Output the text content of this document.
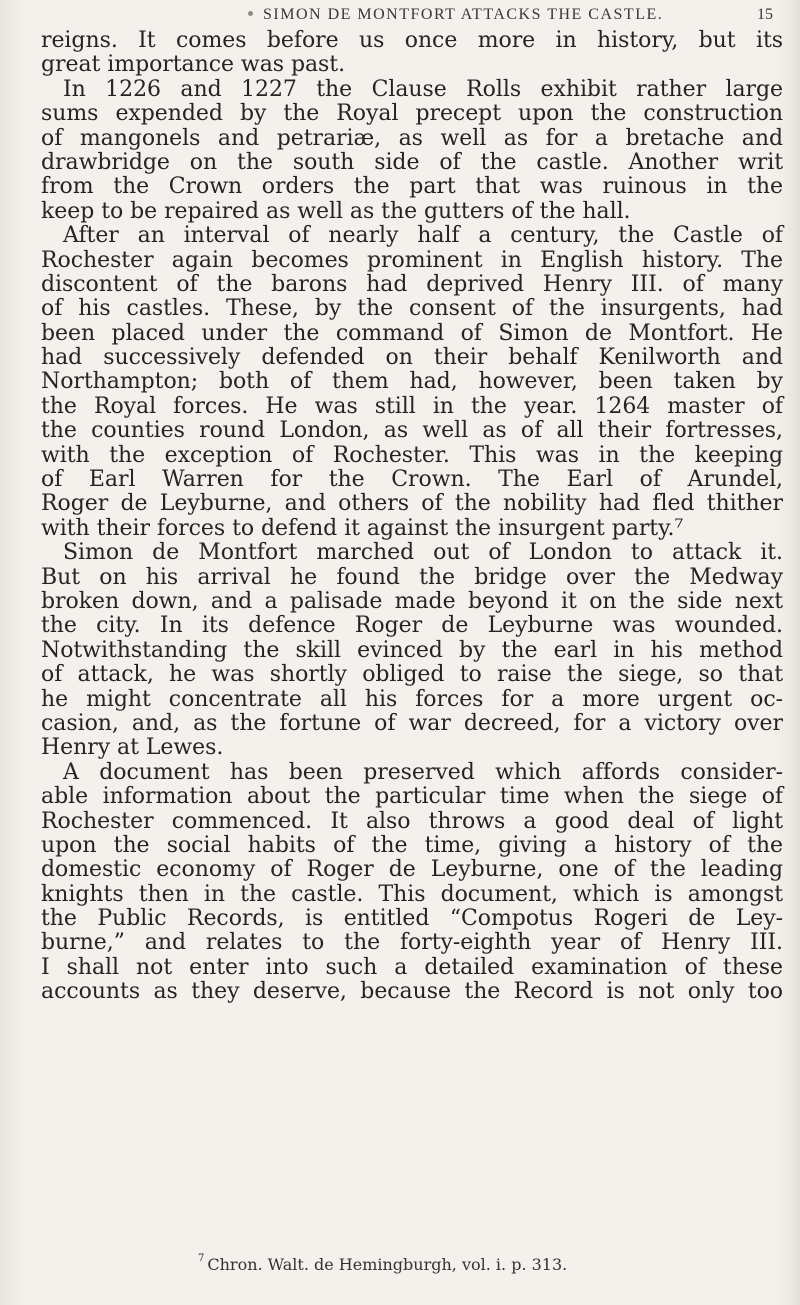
SIMON DE MONTFORT ATTACKS THE CASTLE.	15
reigns. It comes before us once more in history, but its
great importance was past.
In 1226 and 1227 the Clause Rolls exhibit rather large
sums expended by the Royal precept upon the construction
of mangonels and petrariæ, as well as for a bretache and
drawbridge on the south side of the castle. Another writ
from the Crown orders the part that was ruinous in the
keep to be repaired as well as the gutters of the hall.
After an interval of nearly half a century, the Castle of
Rochester again becomes prominent in English history. The
discontent of the barons had deprived Henry III. of many
of his castles. These, by the consent of the insurgents, had
been placed under the command of Simon de Montfort. He
had successively defended on their behalf Kenilworth and
Northampton; both of them had, however, been taken by
the Royal forces. He was still in the year. 1264 master of
the counties round London, as well as of all their fortresses,
with the exception of Rochester. This was in the keeping
of Earl Warren for the Crown. The Earl of Arundel,
Roger de Leyburne, and others of the nobility had fled thither
with their forces to defend it against the insurgent party.⁷
Simon de Montfort marched out of London to attack it.
But on his arrival he found the bridge over the Medway
broken down, and a palisade made beyond it on the side next
the city. In its defence Roger de Leyburne was wounded.
Notwithstanding the skill evinced by the earl in his method
of attack, he was shortly obliged to raise the siege, so that
he might concentrate all his forces for a more urgent oc-
casion, and, as the fortune of war decreed, for a victory over
Henry at Lewes.
A document has been preserved which affords consider-
able information about the particular time when the siege of
Rochester commenced. It also throws a good deal of light
upon the social habits of the time, giving a history of the
domestic economy of Roger de Leyburne, one of the leading
knights then in the castle. This document, which is amongst
the Public Records, is entitled “Compotus Rogeri de Ley-
burne,” and relates to the forty-eighth year of Henry III.
I shall not enter into such a detailed examination of these
accounts as they deserve, because the Record is not only too
$^7$ Chron. Walt. de Hemingburgh, vol. i. p. 313.
